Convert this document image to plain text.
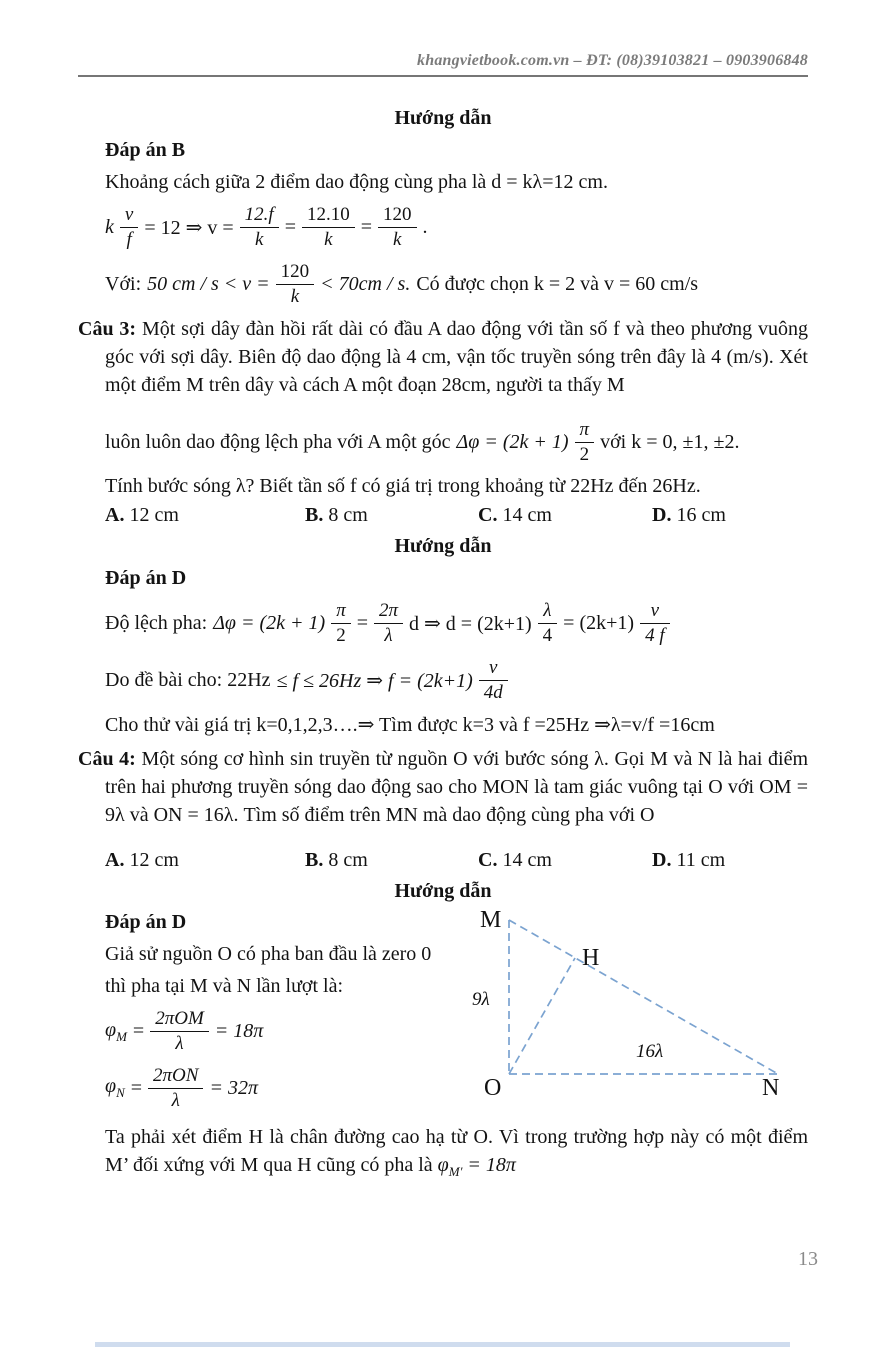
khangvietbook.com.vn – ĐT: (08)39103821 – 0903906848
Hướng dẫn
Đáp án B
Khoảng cách giữa 2 điểm dao động cùng pha là d = kλ=12 cm.
k $\frac{v}{f} = 12$ ⇒ $v = \frac{12.f}{k} = \frac{12.10}{k} = \frac{120}{k}$ .
Với: 50 cm / $s < v = \frac{120}{k} < 70cm / s$. Có được chọn k = 2 và v = 60 cm/s

Câu 3: Một sợi dây đàn hồi rất dài có đầu A dao động với tần số f và theo phương vuông góc với sợi dây. Biên độ dao động là 4 cm, vận tốc truyền sóng trên đây là 4 (m/s). Xét một điểm M trên dây và cách A một đoạn 28cm, người ta thấy M

luôn luôn dao động lệch pha với A một góc Δφ = (2k + 1)
π
2
với k = 0, ±1, ±2.
Tính bước sóng λ? Biết tần số f có giá trị trong khoảng từ 22Hz đến 26Hz.
A. 12 cm	B. 8 cm	C. 14 cm	D. 16 cm
Hướng dẫn
Đáp án D
Độ lệch pha: $\Delta\varphi = (2k + 1) \frac{\pi}{2} = \frac{2\pi}{\lambda}$ d ⇒ $d = (2k+1) \frac{\lambda}{4} = (2k+1)$
v
4 f
Do đề bài cho: 22Hz ≤ f ≤ 26Hz ⇒ f = (2k+1)
v
4d
Cho thử vài giá trị k=0,1,2,3….⇒ Tìm được k=3 và f =25Hz ⇒λ=v/f =16cm

Câu 4: Một sóng cơ hình sin truyền từ nguồn O với bước sóng λ. Gọi M và N là hai điểm trên hai phương truyền sóng dao động sao cho MON là tam giác vuông tại O với OM = 9λ và ON = 16λ. Tìm số điểm trên MN mà dao động cùng pha với O

A. 12 cm	B. 8 cm	C. 14 cm	D. 11 cm
Hướng dẫn
Đáp án D
Giả sử nguồn O có pha ban đầu là zero 0
thì pha tại M và N lần lượt là:
$\varphi_M$ =
2πOM
λ
= 18π
$\varphi_N$ =
2πON
λ
= 32π
M
H
O	N
9λ
16λ

Ta phải xét điểm H là chân đường cao hạ từ O. Vì trong trường hợp này có một điểm M’ đối xứng với M qua H cũng có pha là $\varphi_{M'} = 18\pi$

13
